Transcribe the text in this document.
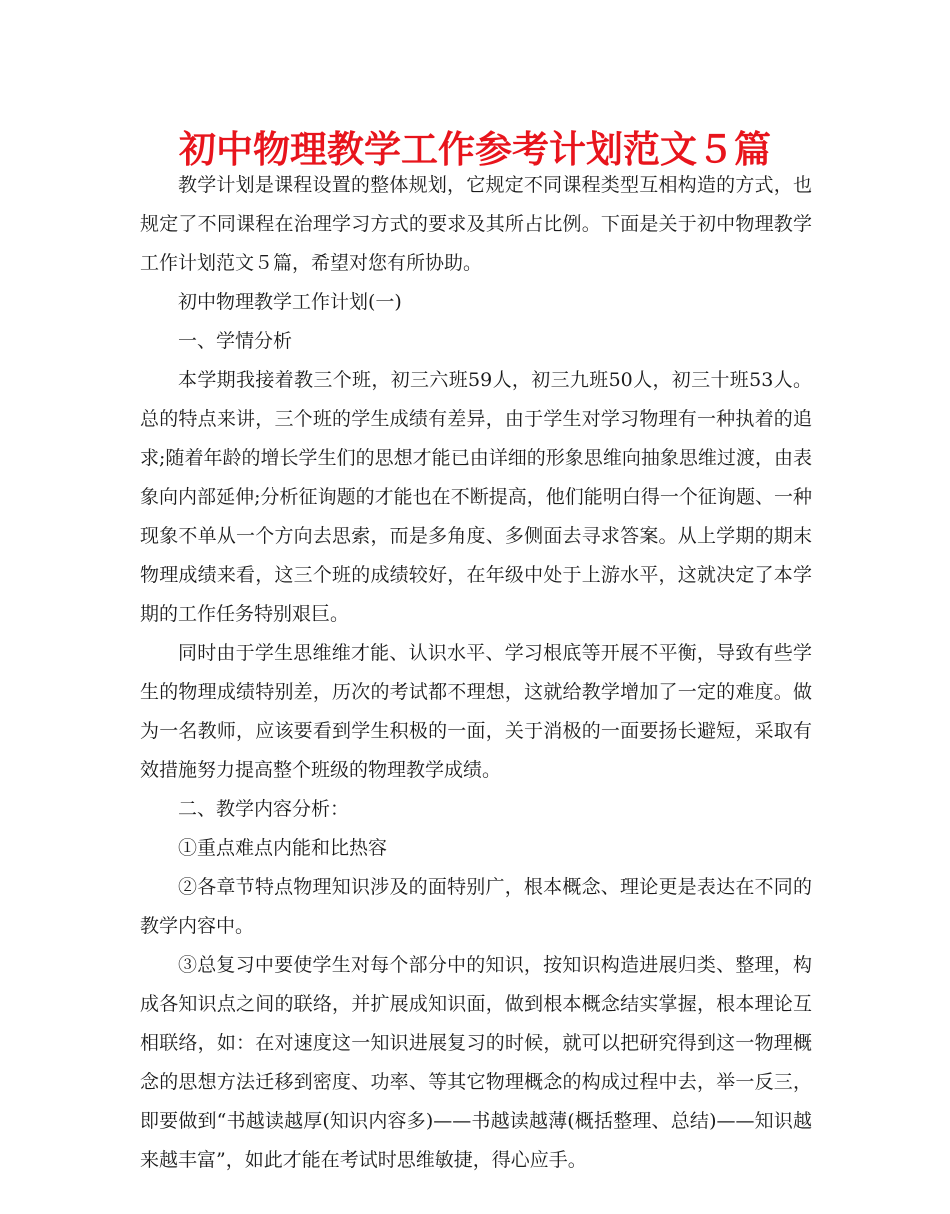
初中物理教学工作参考计划范文５篇

教学计划是课程设置的整体规划，它规定不同课程类型互相构造的方式，也规定了不同课程在治理学习方式的要求及其所占比例。下面是关于初中物理教学工作计划范文５篇，希望对您有所协助。

初中物理教学工作计划(一)

一、学情分析

本学期我接着教三个班，初三六班59人，初三九班50人，初三十班53人。总的特点来讲，三个班的学生成绩有差异，由于学生对学习物理有一种执着的追求;随着年龄的增长学生们的思想才能已由详细的形象思维向抽象思维过渡，由表象向内部延伸;分析征询题的才能也在不断提高，他们能明白得一个征询题、一种现象不单从一个方向去思索，而是多角度、多侧面去寻求答案。从上学期的期末物理成绩来看，这三个班的成绩较好，在年级中处于上游水平，这就决定了本学期的工作任务特别艰巨。

同时由于学生思维维才能、认识水平、学习根底等开展不平衡，导致有些学生的物理成绩特别差，历次的考试都不理想，这就给教学增加了一定的难度。做为一名教师，应该要看到学生积极的一面，关于消极的一面要扬长避短，采取有效措施努力提高整个班级的物理教学成绩。

二、教学内容分析：

①重点难点内能和比热容

②各章节特点物理知识涉及的面特别广，根本概念、理论更是表达在不同的教学内容中。

③总复习中要使学生对每个部分中的知识，按知识构造进展归类、整理，构成各知识点之间的联络，并扩展成知识面，做到根本概念结实掌握，根本理论互相联络，如：在对速度这一知识进展复习的时候，就可以把研究得到这一物理概念的思想方法迁移到密度、功率、等其它物理概念的构成过程中去，举一反三，即要做到“书越读越厚(知识内容多)——书越读越薄(概括整理、总结)——知识越来越丰富”，如此才能在考试时思维敏捷，得心应手。
